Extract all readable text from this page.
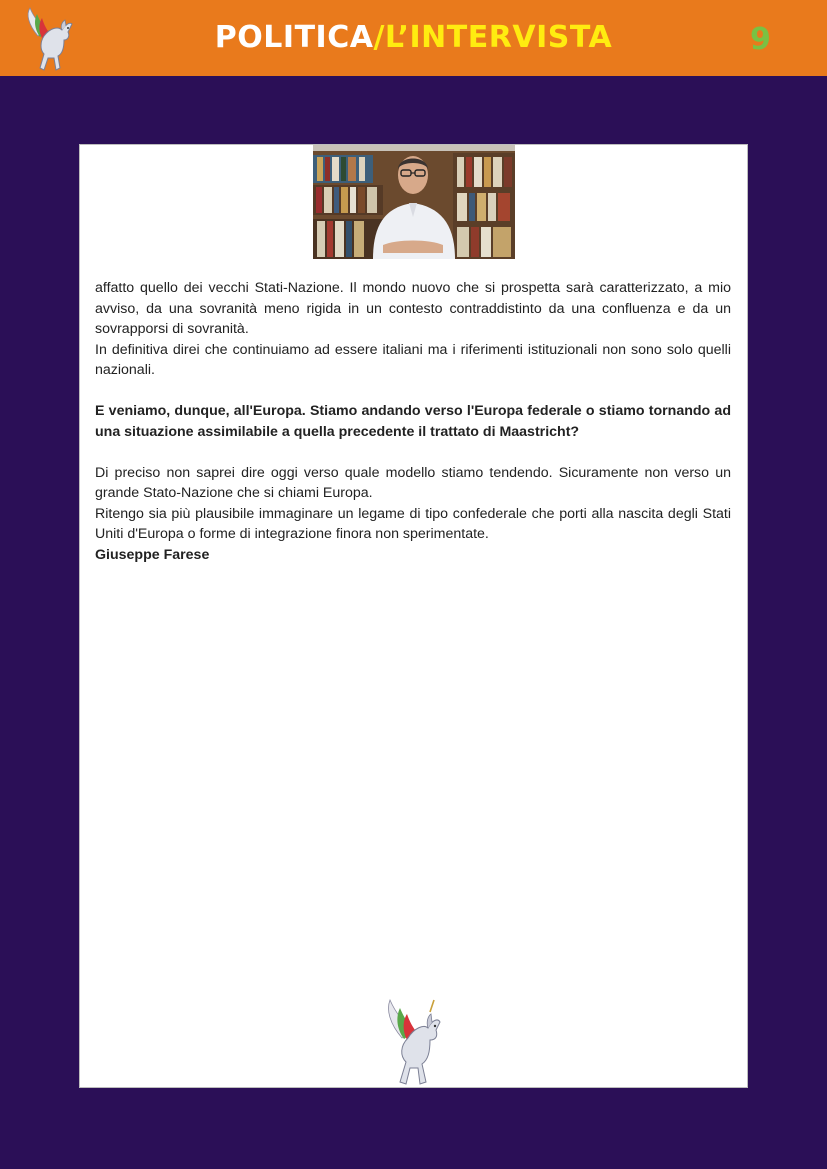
POLITICA/L’INTERVISTA	9

affatto quello dei vecchi Stati-Nazione. Il mondo nuovo che si prospetta sarà caratterizzato, a mio avviso, da una sovranità meno rigida in un contesto contraddistinto da una confluenza e da un sovrapporsi di sovranità.

In definitiva direi che continuiamo ad essere italiani ma i riferimenti istituzionali non sono solo quelli nazionali.

E veniamo, dunque, all'Europa. Stiamo andando verso l'Europa federale o stiamo tornando ad una situazione assimilabile a quella precedente il trattato di Maastricht?

Di preciso non saprei dire oggi verso quale modello stiamo tendendo. Sicuramente non verso un grande Stato-Nazione che si chiami Europa.

Ritengo sia più plausibile immaginare un legame di tipo confederale che porti alla nascita degli Stati Uniti d'Europa o forme di integrazione finora non sperimentate.

Giuseppe Farese
